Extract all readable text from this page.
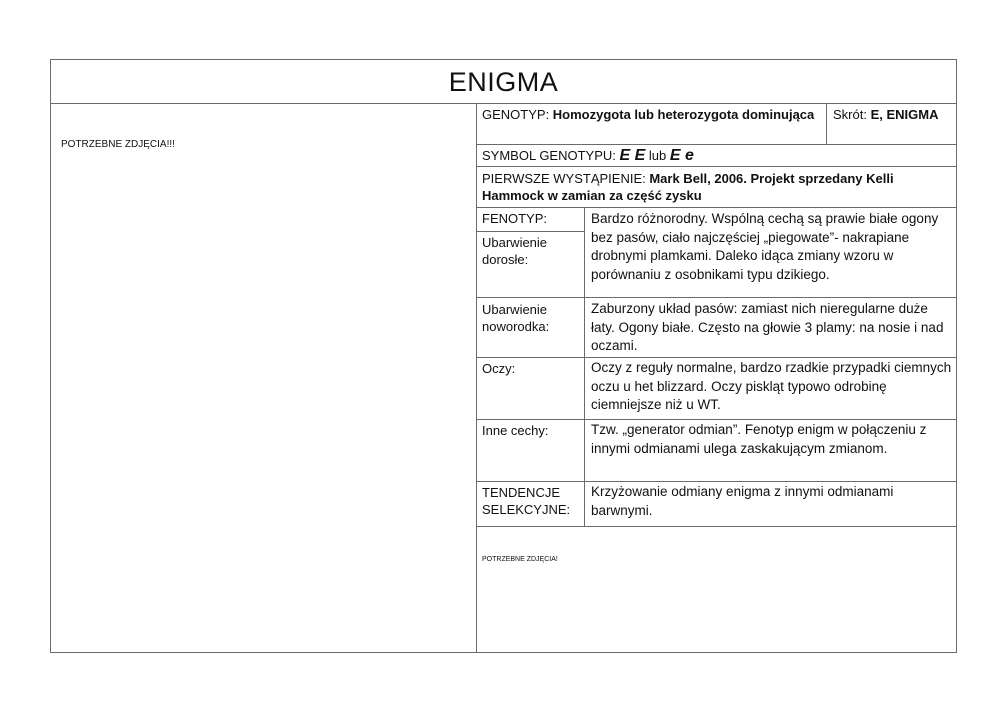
ENIGMA
POTRZEBNE ZDJĘCIA!!!
GENOTYP: Homozygota lub heterozygota dominująca	Skrót: E, ENIGMA
SYMBOL GENOTYPU: E E lub E e
PIERWSZE WYSTĄPIENIE: Mark Bell, 2006. Projekt sprzedany Kelli Hammock w zamian za część zysku
FENOTYP:
Ubarwienie dorosłe:
Bardzo różnorodny. Wspólną cechą są prawie białe ogony bez pasów, ciało najczęściej „piegowate”- nakrapiane drobnymi plamkami. Daleko idąca zmiany wzoru w porównaniu z osobnikami typu dzikiego.
Ubarwienie noworodka:
Zaburzony układ pasów: zamiast nich nieregularne duże łaty. Ogony białe. Często na głowie 3 plamy: na nosie i nad oczami.
Oczy:	Oczy z reguły normalne, bardzo rzadkie przypadki ciemnych oczu u het blizzard. Oczy piskląt typowo odrobinę ciemniejsze niż u WT.
Inne cechy:	Tzw. „generator odmian”. Fenotyp enigm w połączeniu z innymi odmianami ulega zaskakującym zmianom.
TENDENCJE SELEKCYJNE:
Krzyżowanie odmiany enigma z innymi odmianami barwnymi.
POTRZEBNE ZDJĘCIA!
